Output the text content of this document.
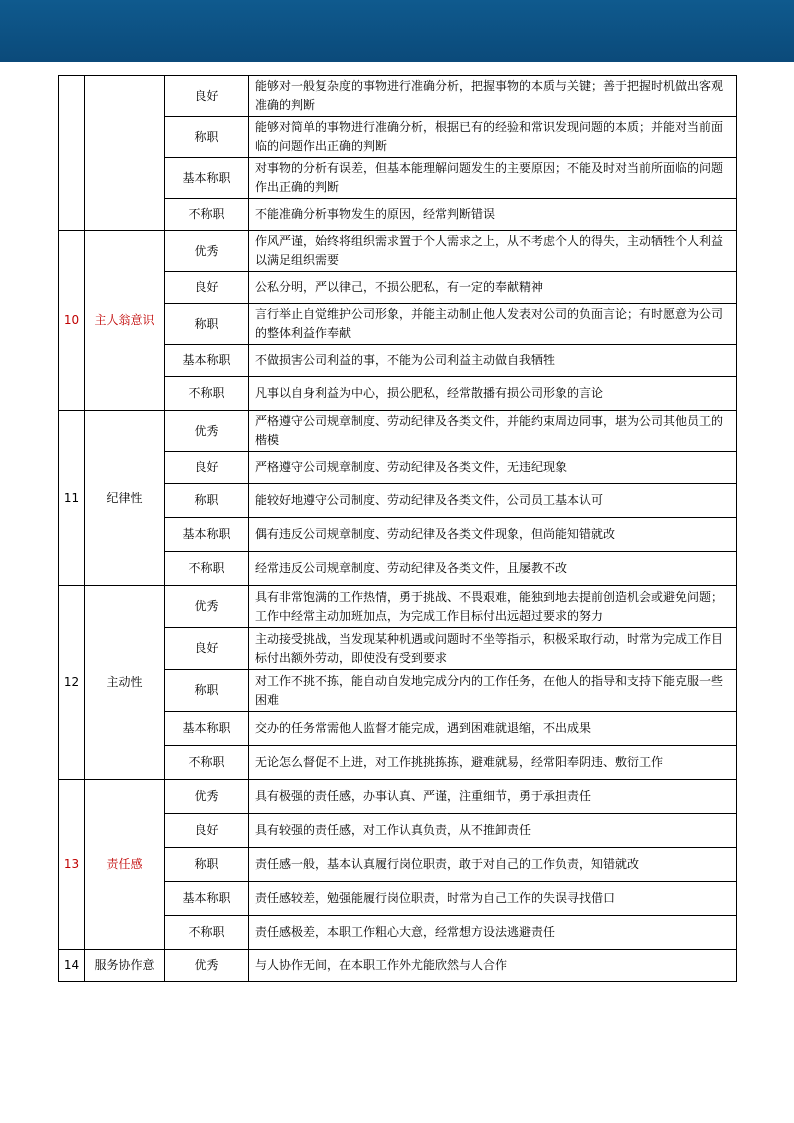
		良好	能够对一般复杂度的事物进行准确分析，把握事物的本质与关键；善于把握时机做出客观准确的判断
		称职	能够对简单的事物进行准确分析，根据已有的经验和常识发现问题的本质；并能对当前面临的问题作出正确的判断
		基本称职	对事物的分析有误差，但基本能理解问题发生的主要原因；不能及时对当前所面临的问题作出正确的判断
		不称职	不能准确分析事物发生的原因，经常判断错误
10	主人翁意识	优秀	作风严谨，始终将组织需求置于个人需求之上，从不考虑个人的得失，主动牺牲个人利益以满足组织需要
		良好	公私分明，严以律己，不损公肥私，有一定的奉献精神
		称职	言行举止自觉维护公司形象，并能主动制止他人发表对公司的负面言论；有时愿意为公司的整体利益作奉献
		基本称职	不做损害公司利益的事，不能为公司利益主动做自我牺牲
		不称职	凡事以自身利益为中心，损公肥私，经常散播有损公司形象的言论
11	纪律性	优秀	严格遵守公司规章制度、劳动纪律及各类文件，并能约束周边同事，堪为公司其他员工的楷模
		良好	严格遵守公司规章制度、劳动纪律及各类文件，无违纪现象
		称职	能较好地遵守公司制度、劳动纪律及各类文件，公司员工基本认可
		基本称职	偶有违反公司规章制度、劳动纪律及各类文件现象，但尚能知错就改
		不称职	经常违反公司规章制度、劳动纪律及各类文件，且屡教不改
12	主动性	优秀	具有非常饱满的工作热情，勇于挑战、不畏艰难，能独到地去提前创造机会或避免问题；工作中经常主动加班加点，为完成工作目标付出远超过要求的努力
		良好	主动接受挑战，当发现某种机遇或问题时不坐等指示，积极采取行动，时常为完成工作目标付出额外劳动，即使没有受到要求
		称职	对工作不挑不拣，能自动自发地完成分内的工作任务，在他人的指导和支持下能克服一些困难
		基本称职	交办的任务常需他人监督才能完成，遇到困难就退缩，不出成果
		不称职	无论怎么督促不上进，对工作挑挑拣拣，避难就易，经常阳奉阴违、敷衍工作
13	责任感	优秀	具有极强的责任感，办事认真、严谨，注重细节，勇于承担责任
		良好	具有较强的责任感，对工作认真负责，从不推卸责任
		称职	责任感一般，基本认真履行岗位职责，敢于对自己的工作负责，知错就改
		基本称职	责任感较差，勉强能履行岗位职责，时常为自己工作的失误寻找借口
		不称职	责任感极差，本职工作粗心大意，经常想方设法逃避责任
14	服务协作意	优秀	与人协作无间，在本职工作外尤能欣然与人合作
